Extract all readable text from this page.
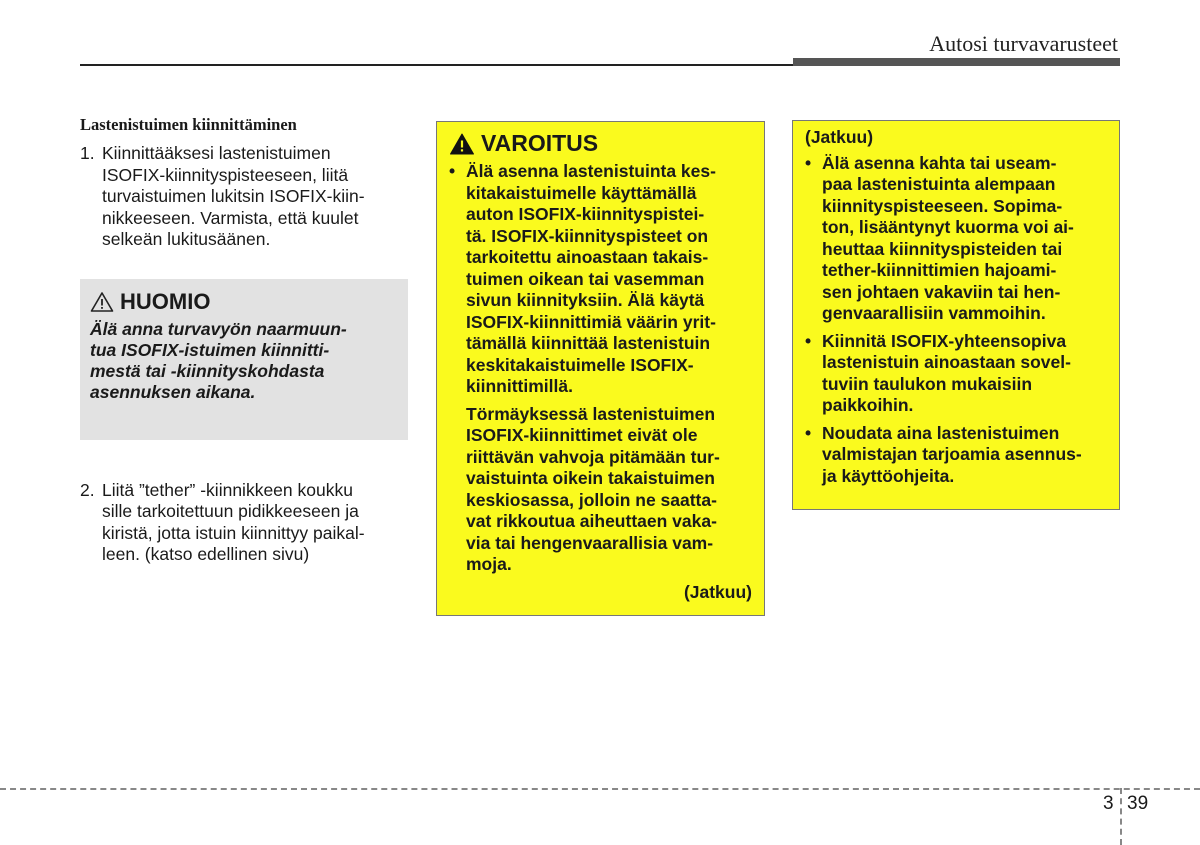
Autosi turvavarusteet
Lastenistuimen kiinnittäminen
1. Kiinnittääksesi lastenistuimen
ISOFIX-kiinnityspisteeseen, liitä
turvaistuimen lukitsin ISOFIX-kiin-
nikkeeseen. Varmista, että kuulet
selkeän lukitusäänen.
HUOMIO
Älä anna turvavyön naarmuun-
tua ISOFIX-istuimen kiinnitti-
mestä tai -kiinnityskohdasta
asennuksen aikana.
2. Liitä ”tether” -kiinnikkeen koukku
sille tarkoitettuun pidikkeeseen ja
kiristä, jotta istuin kiinnittyy paikal-
leen. (katso edellinen sivu)
VAROITUS
• Älä asenna lastenistuinta kes-
kitakaistuimelle käyttämällä
auton ISOFIX-kiinnityspistei-
tä. ISOFIX-kiinnityspisteet on
tarkoitettu ainoastaan takais-
tuimen oikean tai vasemman
sivun kiinnityksiin. Älä käytä
ISOFIX-kiinnittimiä väärin yrit-
tämällä kiinnittää lastenistuin
keskitakaistuimelle ISOFIX-
kiinnittimillä.
Törmäyksessä lastenistuimen
ISOFIX-kiinnittimet eivät ole
riittävän vahvoja pitämään tur-
vaistuinta oikein takaistuimen
keskiosassa, jolloin ne saatta-
vat rikkoutua aiheuttaen vaka-
via tai hengenvaarallisia vam-
moja.
(Jatkuu)
(Jatkuu)
• Älä asenna kahta tai useam-
paa lastenistuinta alempaan
kiinnityspisteeseen. Sopima-
ton, lisääntynyt kuorma voi ai-
heuttaa kiinnityspisteiden tai
tether-kiinnittimien hajoami-
sen johtaen vakaviin tai hen-
genvaarallisiin vammoihin.
• Kiinnitä ISOFIX-yhteensopiva
lastenistuin ainoastaan sovel-
tuviin taulukon mukaisiin
paikkoihin.
• Noudata aina lastenistuimen
valmistajan tarjoamia asennus-
ja käyttöohjeita.
3 39
